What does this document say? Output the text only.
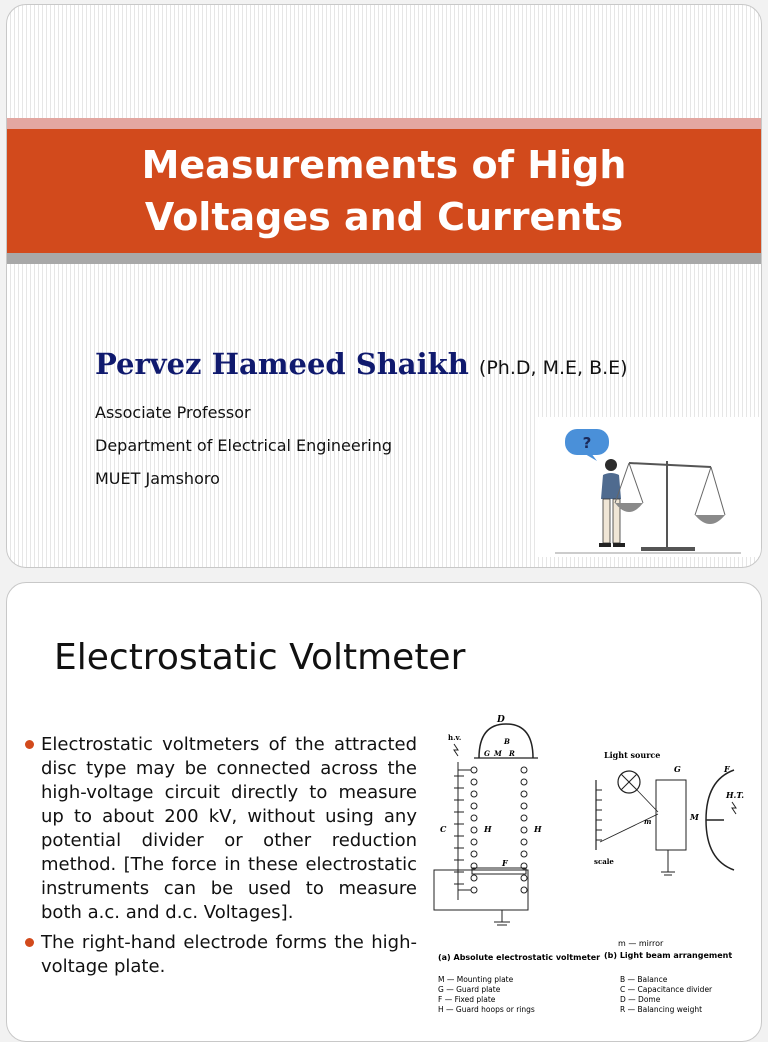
Measurements of High
Voltages and Currents
Pervez Hameed Shaikh (Ph.D, M.E, B.E)
Associate Professor
Department of Electrical Engineering
MUET Jamshoro
?
Electrostatic Voltmeter

Electrostatic voltmeters of the attracted disc type may be connected across the high-voltage circuit directly to measure up to about 200 kV, without using any potential divider or other reduction method. [The force in these electrostatic instruments can be used to measure both a.c. and d.c. Voltages].

The right-hand electrode forms the high-voltage plate.

D
h.v.	B
G M R
C	H	H
F
(a) Absolute electrostatic voltmeter
Light source
m
G
M
scale
F
H.T.
m — mirror
(b) Light beam arrangement
M — Mounting plate
G — Guard plate
F — Fixed plate
H — Guard hoops or rings
B — Balance
C — Capacitance divider
D — Dome
R — Balancing weight
